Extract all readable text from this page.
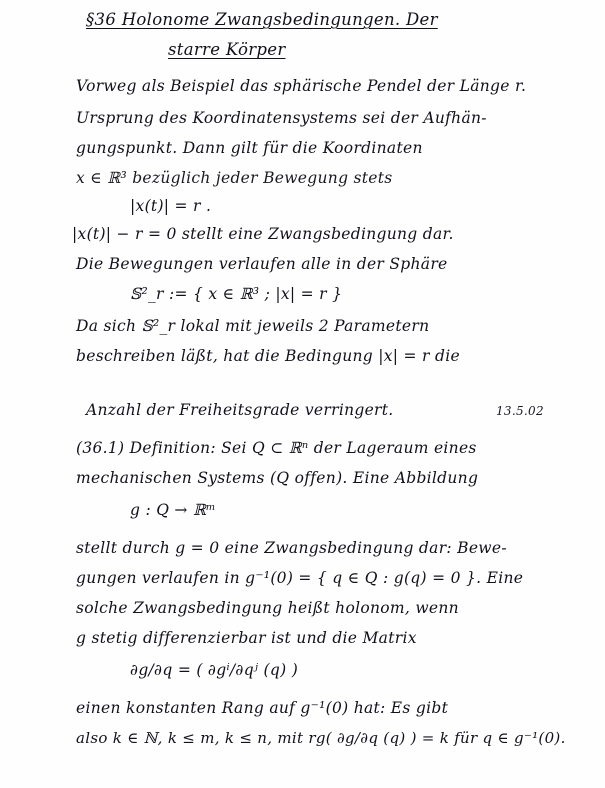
§36 Holonome Zwangsbedingungen. Der
starre Körper
Vorweg als Beispiel das sphärische Pendel der Länge r.
Ursprung des Koordinatensystems sei der Aufhän-
gungspunkt. Dann gilt für die Koordinaten
x ∈ ℝ³ bezüglich jeder Bewegung stets
|x(t)| = r .
|x(t)| − r = 0 stellt eine Zwangsbedingung dar.
Die Bewegungen verlaufen alle in der Sphäre
𝕊²_r := { x ∈ ℝ³ ; |x| = r }
Da sich 𝕊²_r lokal mit jeweils 2 Parametern
beschreiben läßt, hat die Bedingung |x| = r die
Anzahl der Freiheitsgrade verringert.	13.5.02
(36.1) Definition: Sei Q ⊂ ℝⁿ der Lageraum eines
mechanischen Systems (Q offen). Eine Abbildung
g : Q → ℝᵐ
stellt durch g = 0 eine Zwangsbedingung dar: Bewe-
gungen verlaufen in g⁻¹(0) = { q ∈ Q : g(q) = 0 }. Eine
solche Zwangsbedingung heißt holonom, wenn
g stetig differenzierbar ist und die Matrix
∂g/∂q = ( ∂gⁱ/∂qʲ (q) )
einen konstanten Rang auf g⁻¹(0) hat: Es gibt
also k ∈ ℕ, k ≤ m, k ≤ n, mit rg( ∂g/∂q (q) ) = k für q ∈ g⁻¹(0).
